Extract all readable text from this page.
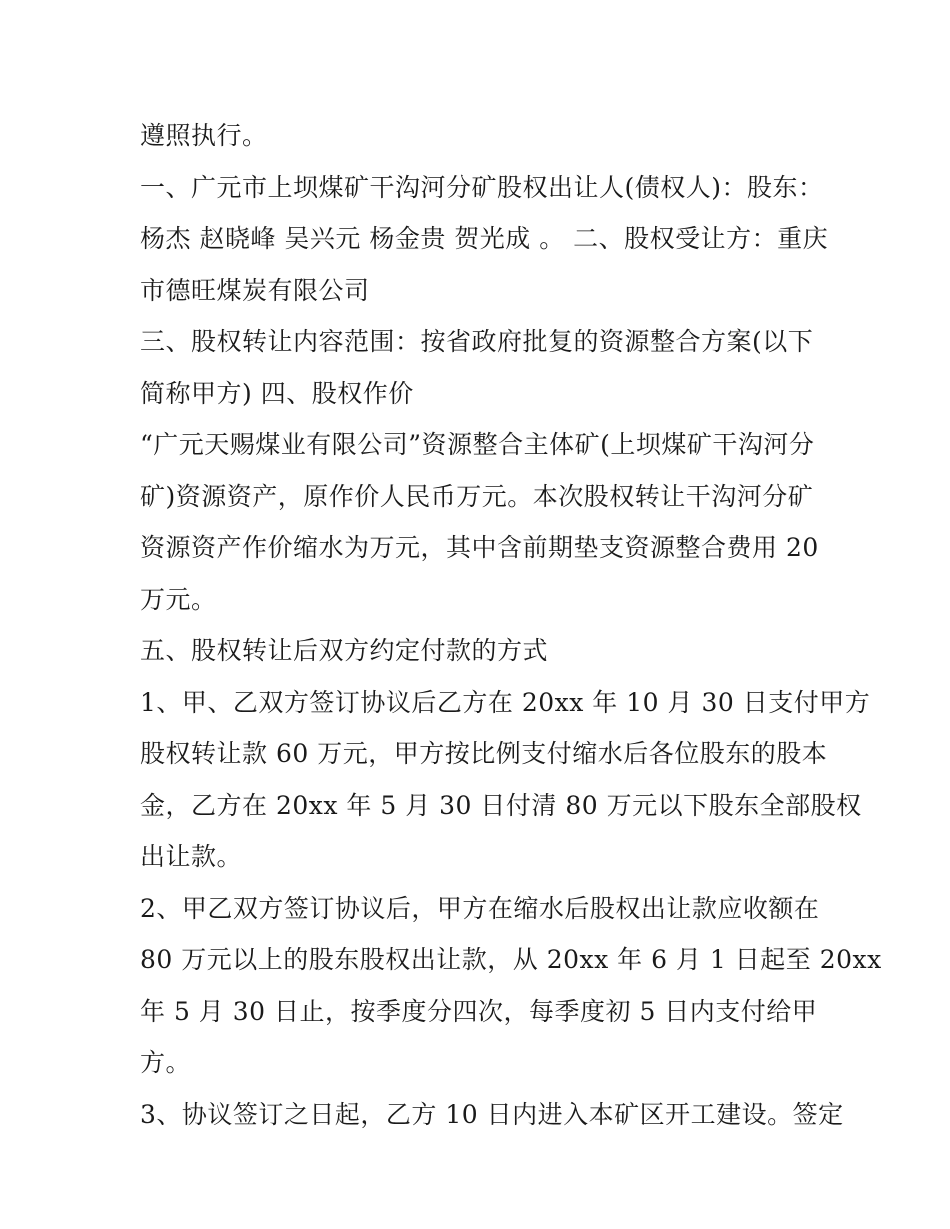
遵照执行。
一、广元市上坝煤矿干沟河分矿股权出让人(债权人)：股东：
杨杰 赵晓峰 吴兴元 杨金贵 贺光成 。 二、股权受让方：重庆
市德旺煤炭有限公司
三、股权转让内容范围：按省政府批复的资源整合方案(以下
简称甲方) 四、股权作价
“广元天赐煤业有限公司”资源整合主体矿(上坝煤矿干沟河分
矿)资源资产，原作价人民币万元。本次股权转让干沟河分矿
资源资产作价缩水为万元，其中含前期垫支资源整合费用 20
万元。
五、股权转让后双方约定付款的方式
1、甲、乙双方签订协议后乙方在 20xx 年 10 月 30 日支付甲方
股权转让款 60 万元，甲方按比例支付缩水后各位股东的股本
金，乙方在 20xx 年 5 月 30 日付清 80 万元以下股东全部股权
出让款。
2、甲乙双方签订协议后，甲方在缩水后股权出让款应收额在
80 万元以上的股东股权出让款，从 20xx 年 6 月 1 日起至 20xx
年 5 月 30 日止，按季度分四次，每季度初 5 日内支付给甲
方。
3、协议签订之日起，乙方 10 日内进入本矿区开工建设。签定
